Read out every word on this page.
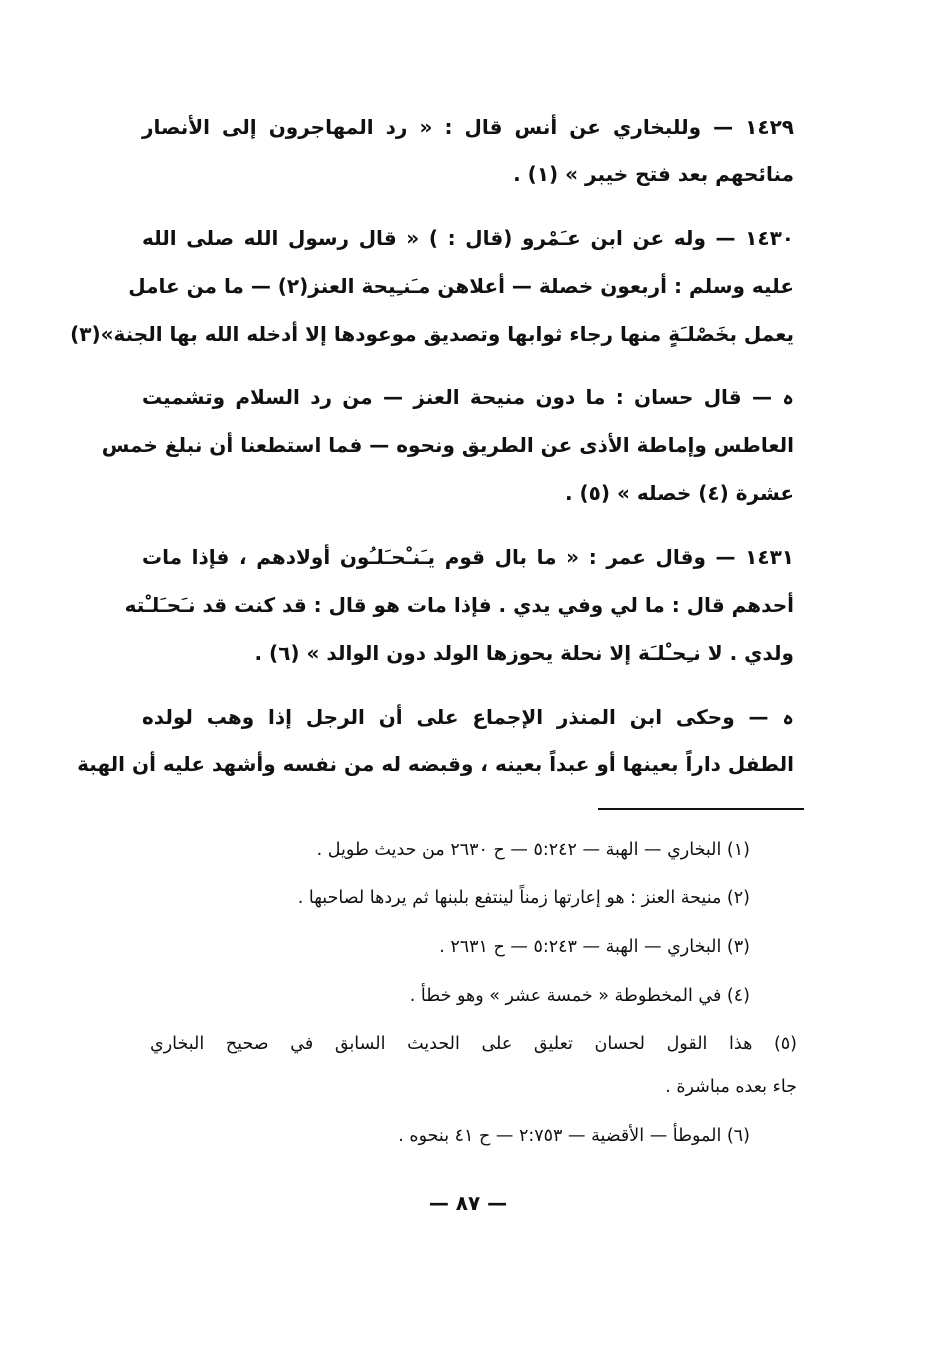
١٤٢٩ — وللبخاري عن أنس قال : « رد المهاجرون إلى الأنصار
منائحهم بعد فتح خيبر » (١) .
١٤٣٠ — وله عن ابن عـَمْرو (قال : ) « قال رسول الله صلى الله
عليه وسلم : أربعون خصلة — أعلاهن مـَنـِيحة العنز(٢) — ما من عامل
يعمل بخَصْلـَةٍ منها رجاء ثوابها وتصديق موعودها إلا أدخله الله بها الجنة»(٣)
ہ — قال حسان : ما دون منيحة العنز — من رد السلام وتشميت
العاطس وإماطة الأذى عن الطريق ونحوه — فما استطعنا أن نبلغ خمس
عشرة (٤) خصله » (٥) .
١٤٣١ — وقال عمر : « ما بال قوم يـَنـْحـَلـُون أولادهم ، فإذا مات
أحدهم قال : ما لي وفي يدي . فإذا مات هو قال : قد كنت قد نـَحـَلـْته
ولدي . لا نـِحـْلـَة إلا نحلة يحوزها الولد دون الوالد » (٦) .
ہ — وحكى ابن المنذر الإجماع على أن الرجل إذا وهب لولده
الطفل داراً بعينها أو عبداً بعينه ، وقبضه له من نفسه وأشهد عليه أن الهبة
(١) البخاري — الهبة — ٥:٢٤٢ — ح ٢٦٣٠ من حديث طويل .
(٢) منيحة العنز : هو إعارتها زمناً لينتفع بلبنها ثم يردها لصاحبها .
(٣) البخاري — الهبة — ٥:٢٤٣ — ح ٢٦٣١ .
(٤) في المخطوطة « خمسة عشر » وهو خطأ .
(٥) هذا القول لحسان تعليق على الحديث السابق في صحيح البخاري
جاء بعده مباشرة .
(٦) الموطأ — الأقضية — ٢:٧٥٣ — ح ٤١ بنحوه .
— ٨٧ —
